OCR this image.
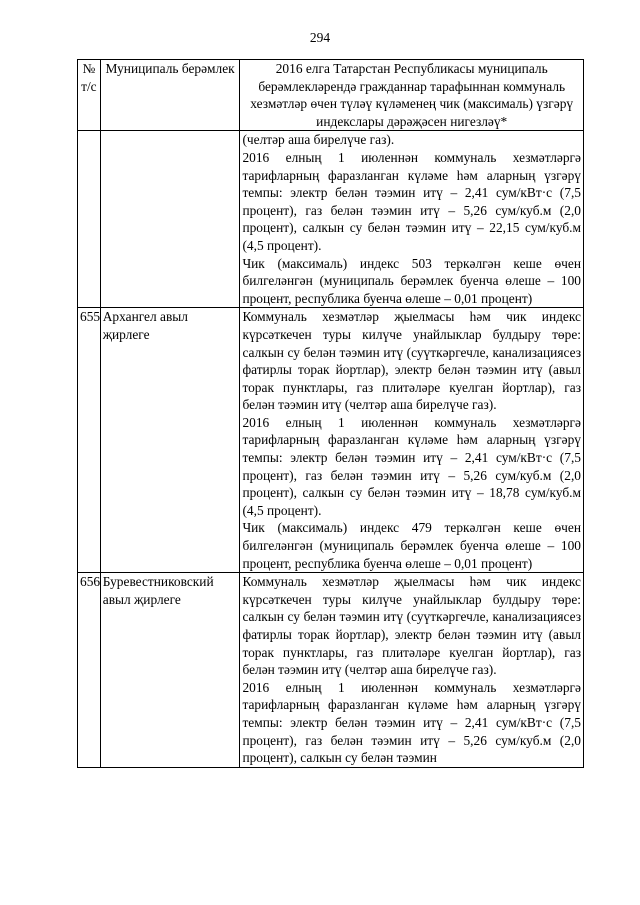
294
№ т/с	Муниципаль берәмлек	2016 елга Татарстан Республикасы муниципаль берәмлекләрендә гражданнар тарафыннан коммуналь хезмәтләр өчен түләү күләменең чик (максималь) үзгәрү индекслары дәрәҗәсен нигезләү*

		(челтәр аша бирелүче газ).

2016 елның 1 июленнән коммуналь хезмәтләргә тарифларның фаразланган күләме һәм аларның үзгәрү темпы: электр белән тәэмин итү – 2,41 сум/кВт·с (7,5 процент), газ белән тәэмин итү – 5,26 сум/куб.м (2,0 процент), салкын су белән тәэмин итү – 22,15 сум/куб.м (4,5 процент).

Чик (максималь) индекс 503 теркәлгән кеше өчен билгеләнгән (муниципаль берәмлек буенча өлеше – 100 процент, республика буенча өлеше – 0,01 процент)

655	Архангел авыл җирлеге	Коммуналь хезмәтләр җыелмасы һәм чик индекс күрсәткечен туры килүче унайлыклар булдыру төре: салкын су белән тәэмин итү (суүткәргечле, канализациясез фатирлы торак йортлар), электр белән тәэмин итү (авыл торак пунктлары, газ плитәләре куелган йортлар), газ белән тәэмин итү (челтәр аша бирелүче газ).

2016 елның 1 июленнән коммуналь хезмәтләргә тарифларның фаразланган күләме һәм аларның үзгәрү темпы: электр белән тәэмин итү – 2,41 сум/кВт·с (7,5 процент), газ белән тәэмин итү – 5,26 сум/куб.м (2,0 процент), салкын су белән тәэмин итү – 18,78 сум/куб.м (4,5 процент).

Чик (максималь) индекс 479 теркәлгән кеше өчен билгеләнгән (муниципаль берәмлек буенча өлеше – 100 процент, республика буенча өлеше – 0,01 процент)

656	Буревестниковский авыл җирлеге	Коммуналь хезмәтләр җыелмасы һәм чик индекс күрсәткечен туры килүче унайлыклар булдыру төре: салкын су белән тәэмин итү (суүткәргечле, канализациясез фатирлы торак йортлар), электр белән тәэмин итү (авыл торак пунктлары, газ плитәләре куелган йортлар), газ белән тәэмин итү (челтәр аша бирелүче газ).

2016 елның 1 июленнән коммуналь хезмәтләргә тарифларның фаразланган күләме һәм аларның үзгәрү темпы: электр белән тәэмин итү – 2,41 сум/кВт·с (7,5 процент), газ белән тәэмин итү – 5,26 сум/куб.м (2,0 процент), салкын су белән тәэмин
